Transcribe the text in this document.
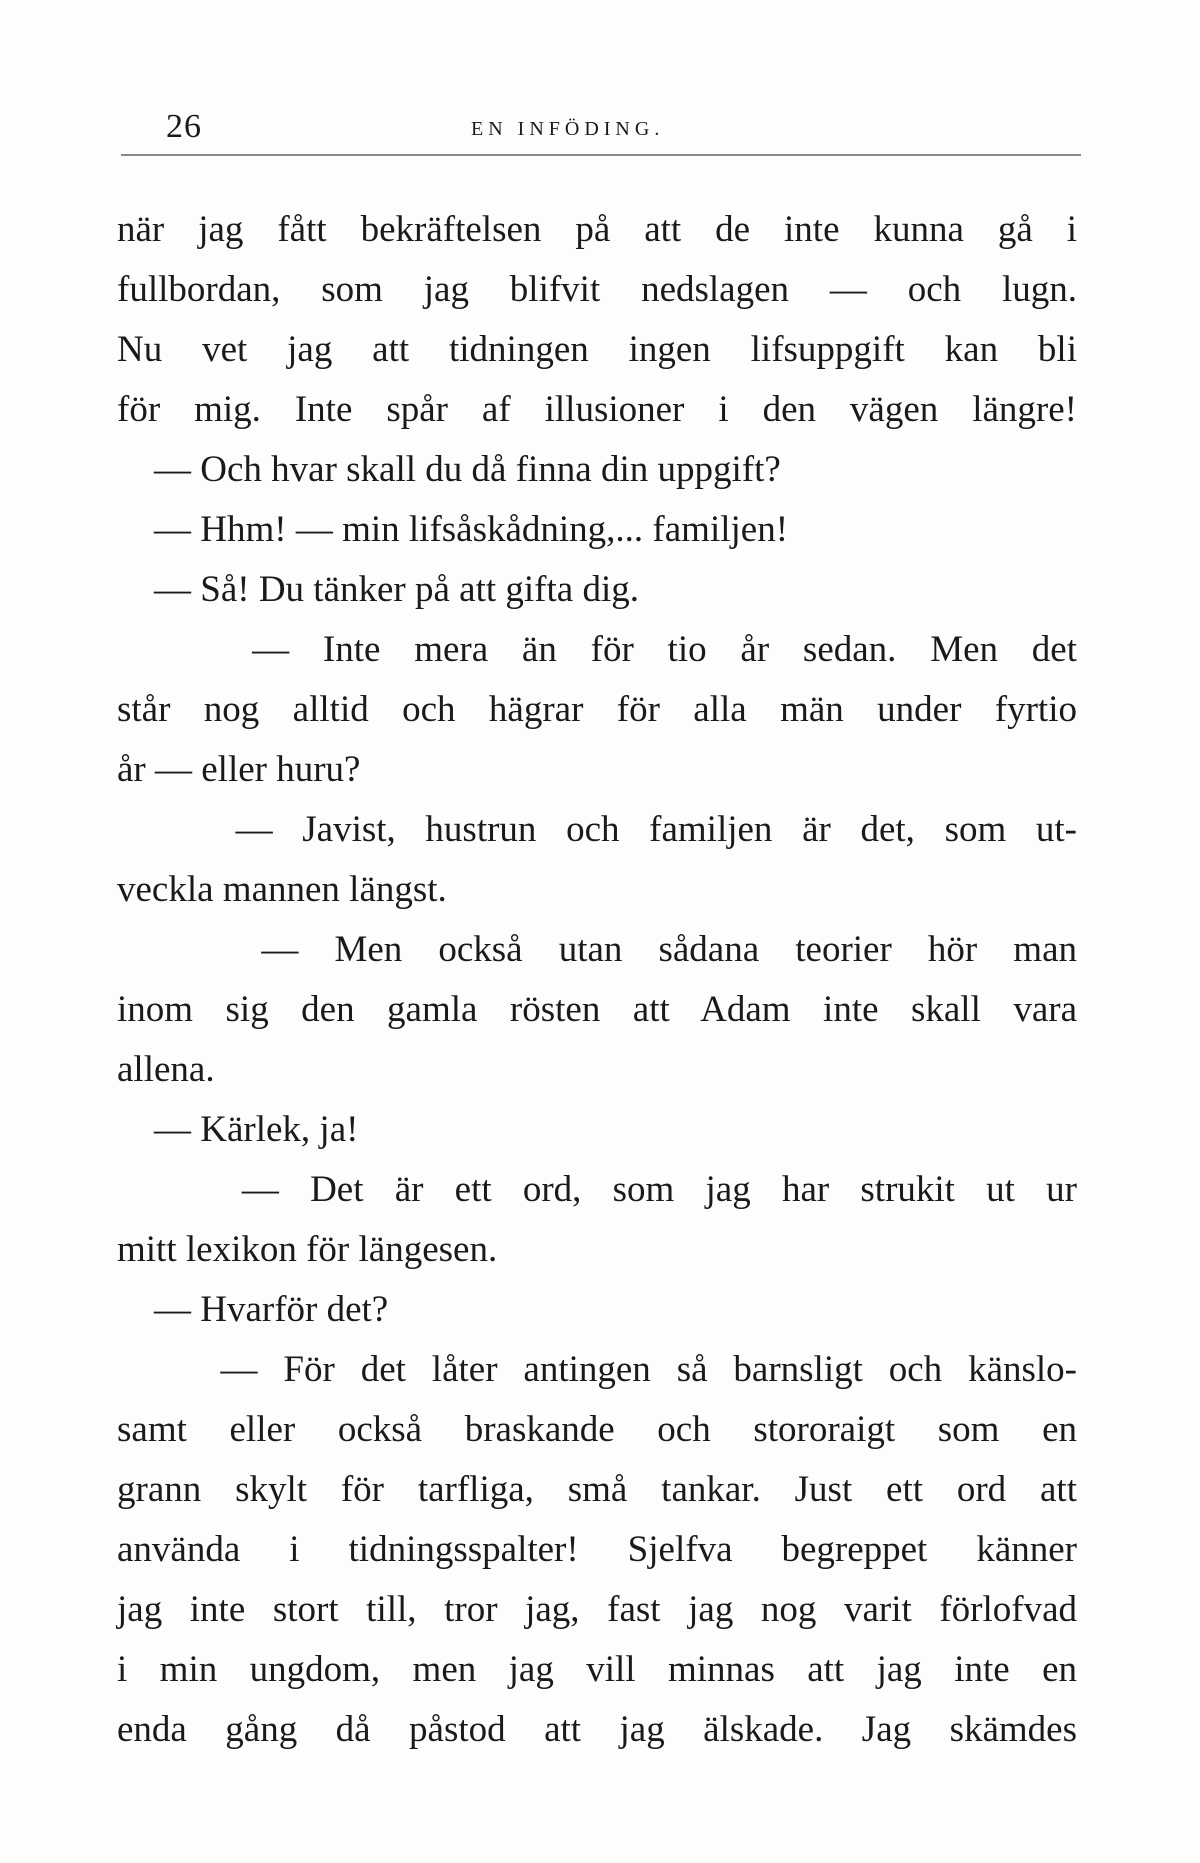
26	EN INFÖDING.
när jag fått bekräftelsen på att de inte kunna gå i
fullbordan, som jag blifvit nedslagen — och lugn.
Nu vet jag att tidningen ingen lifsuppgift kan bli
för mig. Inte spår af illusioner i den vägen längre!
— Och hvar skall du då finna din uppgift?
— Hhm! — min lifsåskådning,... familjen!
— Så! Du tänker på att gifta dig.
— Inte mera än för tio år sedan. Men det
står nog alltid och hägrar för alla män under fyrtio
år — eller huru?
— Javist, hustrun och familjen är det, som ut-
veckla mannen längst.
— Men också utan sådana teorier hör man
inom sig den gamla rösten att Adam inte skall vara
allena.
— Kärlek, ja!
— Det är ett ord, som jag har strukit ut ur
mitt lexikon för längesen.
— Hvarför det?
— För det låter antingen så barnsligt och känslo-
samt eller också braskande och stororaigt som en
grann skylt för tarfliga, små tankar. Just ett ord att
använda i tidningsspalter! Sjelfva begreppet känner
jag inte stort till, tror jag, fast jag nog varit förlofvad
i min ungdom, men jag vill minnas att jag inte en
enda gång då påstod att jag älskade. Jag skämdes
